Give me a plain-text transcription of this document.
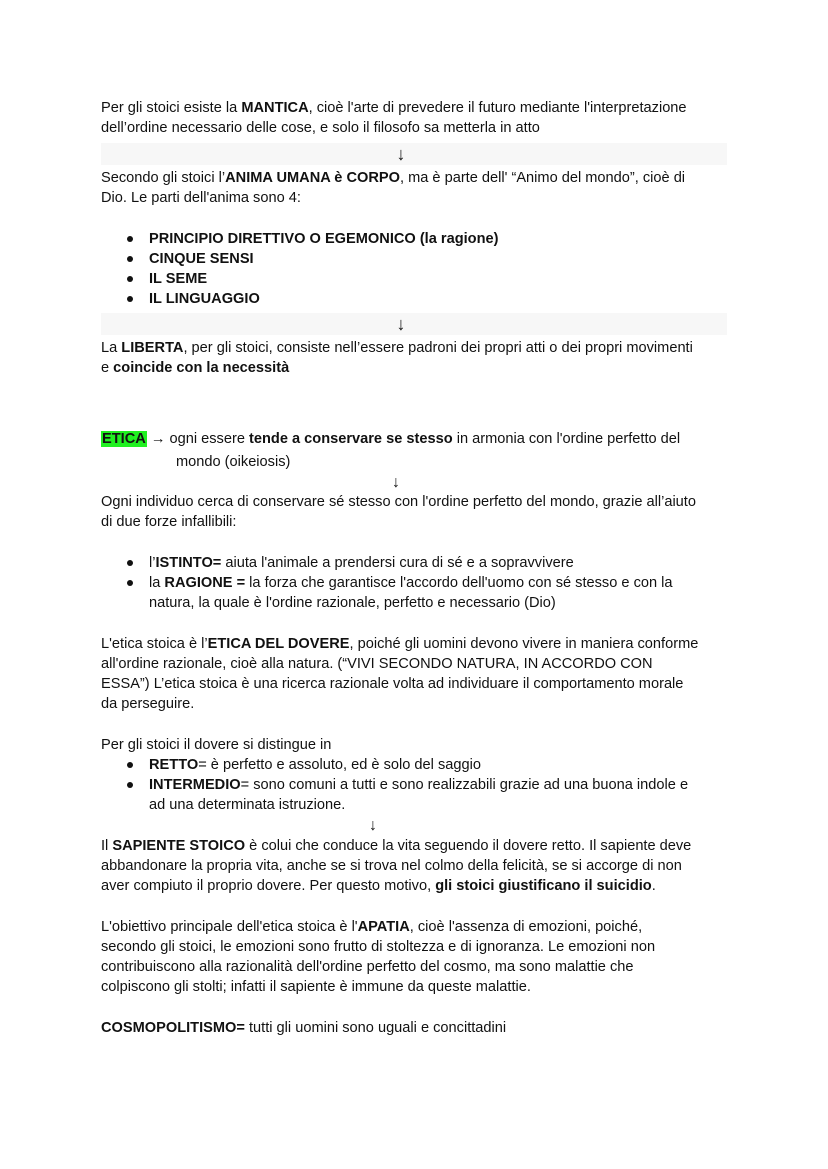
Per gli stoici esiste la MANTICA, cioè l'arte di prevedere il futuro mediante l'interpretazione
dell’ordine necessario delle cose, e solo il filosofo sa metterla in atto

↓

Secondo gli stoici l’ANIMA UMANA è CORPO, ma è parte dell' “Animo del mondo”, cioè di
Dio. Le parti dell'anima sono 4:

PRINCIPIO DIRETTIVO O EGEMONICO (la ragione)
CINQUE SENSI
IL SEME
IL LINGUAGGIO
↓

La LIBERTA, per gli stoici, consiste nell’essere padroni dei propri atti o dei propri movimenti
e coincide con la necessità

ETICA → ogni essere tende a conservare se stesso in armonia con l'ordine perfetto del
mondo (oikeiosis)
↓

Ogni individuo cerca di conservare sé stesso con l'ordine perfetto del mondo, grazie all’aiuto
di due forze infallibili:

l’ISTINTO= aiuta l'animale a prendersi cura di sé e a sopravvivere
la RAGIONE = la forza che garantisce l'accordo dell'uomo con sé stesso e con la
natura, la quale è l'ordine razionale, perfetto e necessario (Dio)

L'etica stoica è l’ETICA DEL DOVERE, poiché gli uomini devono vivere in maniera conforme
all'ordine razionale, cioè alla natura. (“VIVI SECONDO NATURA, IN ACCORDO CON
ESSA”) L’etica stoica è una ricerca razionale volta ad individuare il comportamento morale
da perseguire.

Per gli stoici il dovere si distingue in

RETTO= è perfetto e assoluto, ed è solo del saggio
INTERMEDIO= sono comuni a tutti e sono realizzabili grazie ad una buona indole e
ad una determinata istruzione.
↓

Il SAPIENTE STOICO è colui che conduce la vita seguendo il dovere retto. Il sapiente deve
abbandonare la propria vita, anche se si trova nel colmo della felicità, se si accorge di non
aver compiuto il proprio dovere. Per questo motivo, gli stoici giustificano il suicidio.

L'obiettivo principale dell'etica stoica è l'APATIA, cioè l'assenza di emozioni, poiché,
secondo gli stoici, le emozioni sono frutto di stoltezza e di ignoranza. Le emozioni non
contribuiscono alla razionalità dell'ordine perfetto del cosmo, ma sono malattie che
colpiscono gli stolti; infatti il sapiente è immune da queste malattie.

COSMOPOLITISMO= tutti gli uomini sono uguali e concittadini
